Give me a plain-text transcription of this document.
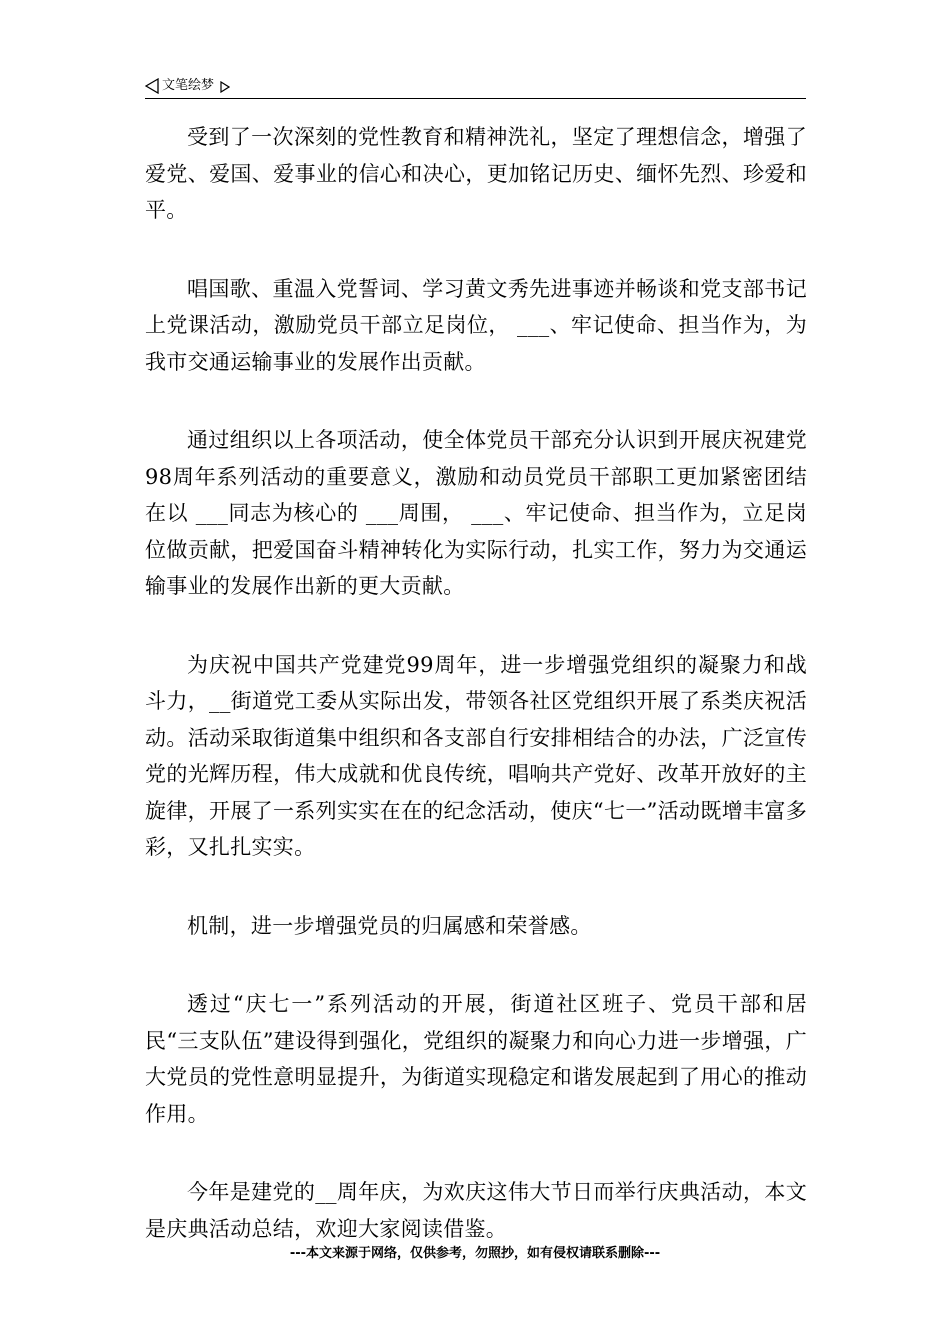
文笔绘梦

受到了一次深刻的党性教育和精神洗礼，坚定了理想信念，增强了爱党、爱国、爱事业的信心和决心，更加铭记历史、缅怀先烈、珍爱和平。

唱国歌、重温入党誓词、学习黄文秀先进事迹并畅谈和党支部书记上党课活动，激励党员干部立足岗位， ___、牢记使命、担当作为，为我市交通运输事业的发展作出贡献。

通过组织以上各项活动，使全体党员干部充分认识到开展庆祝建党98周年系列活动的重要意义，激励和动员党员干部职工更加紧密团结在以 ___同志为核心的 ___周围， ___、牢记使命、担当作为，立足岗位做贡献，把爱国奋斗精神转化为实际行动，扎实工作，努力为交通运输事业的发展作出新的更大贡献。

为庆祝中国共产党建党99周年，进一步增强党组织的凝聚力和战斗力，__街道党工委从实际出发，带领各社区党组织开展了系类庆祝活动。活动采取街道集中组织和各支部自行安排相结合的办法，广泛宣传党的光辉历程，伟大成就和优良传统，唱响共产党好、改革开放好的主旋律，开展了一系列实实在在的纪念活动，使庆“七一”活动既增丰富多彩，又扎扎实实。

机制，进一步增强党员的归属感和荣誉感。

透过“庆七一”系列活动的开展，街道社区班子、党员干部和居民“三支队伍”建设得到强化，党组织的凝聚力和向心力进一步增强，广大党员的党性意明显提升，为街道实现稳定和谐发展起到了用心的推动作用。

今年是建党的__周年庆，为欢庆这伟大节日而举行庆典活动，本文是庆典活动总结，欢迎大家阅读借鉴。

---本文来源于网络，仅供参考，勿照抄，如有侵权请联系删除---
